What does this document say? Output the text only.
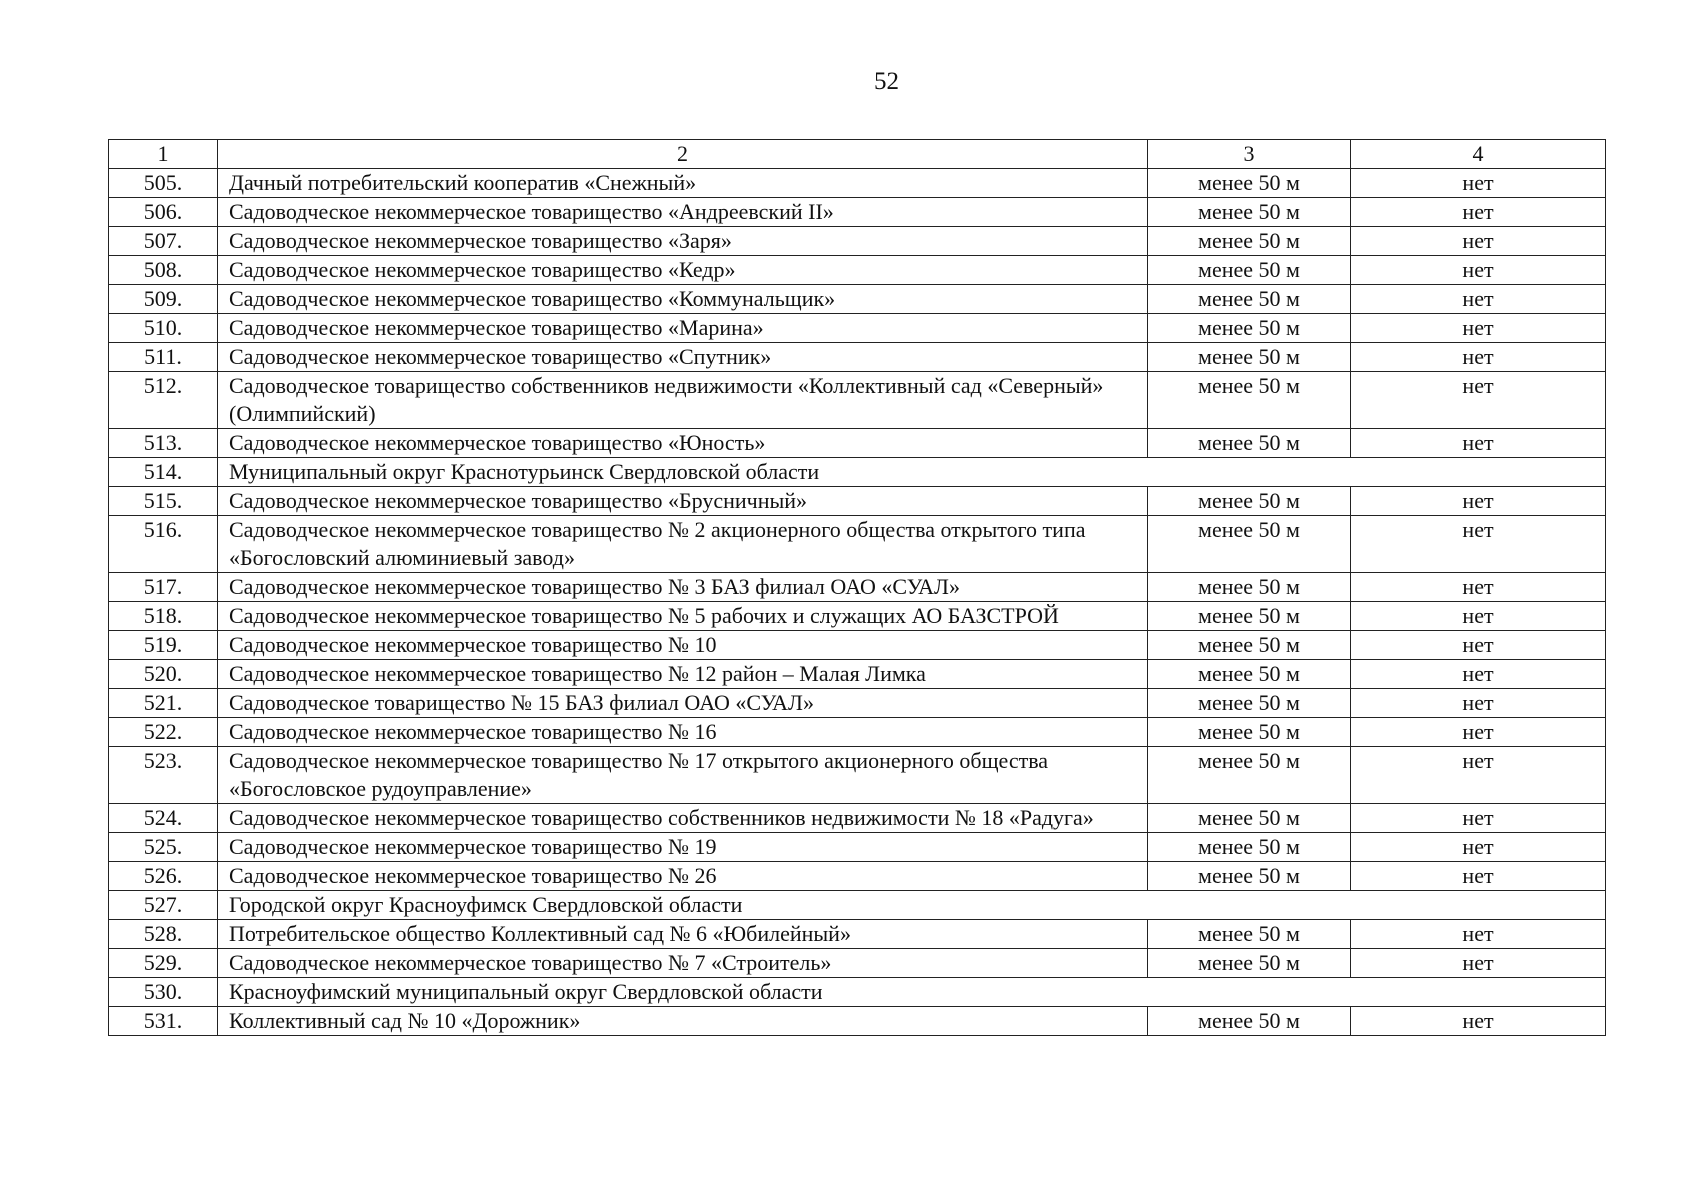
52
1	2	3	4
505.	Дачный потребительский кооператив «Снежный»	менее 50 м	нет
506.	Садоводческое некоммерческое товарищество «Андреевский II»	менее 50 м	нет
507.	Садоводческое некоммерческое товарищество «Заря»	менее 50 м	нет
508.	Садоводческое некоммерческое товарищество «Кедр»	менее 50 м	нет
509.	Садоводческое некоммерческое товарищество «Коммунальщик»	менее 50 м	нет
510.	Садоводческое некоммерческое товарищество «Марина»	менее 50 м	нет
511.	Садоводческое некоммерческое товарищество «Спутник»	менее 50 м	нет
512.	Садоводческое товарищество собственников недвижимости «Коллективный сад «Северный» (Олимпийский)	менее 50 м	нет
513.	Садоводческое некоммерческое товарищество «Юность»	менее 50 м	нет
514.	Муниципальный округ Краснотурьинск Свердловской области		
515.	Садоводческое некоммерческое товарищество «Брусничный»	менее 50 м	нет
516.	Садоводческое некоммерческое товарищество № 2 акционерного общества открытого типа «Богословский алюминиевый завод»	менее 50 м	нет
517.	Садоводческое некоммерческое товарищество № 3 БАЗ филиал ОАО «СУАЛ»	менее 50 м	нет
518.	Садоводческое некоммерческое товарищество № 5 рабочих и служащих АО БАЗСТРОЙ	менее 50 м	нет
519.	Садоводческое некоммерческое товарищество № 10	менее 50 м	нет
520.	Садоводческое некоммерческое товарищество № 12 район – Малая Лимка	менее 50 м	нет
521.	Садоводческое товарищество № 15 БАЗ филиал ОАО «СУАЛ»	менее 50 м	нет
522.	Садоводческое некоммерческое товарищество № 16	менее 50 м	нет
523.	Садоводческое некоммерческое товарищество № 17 открытого акционерного общества «Богословское рудоуправление»	менее 50 м	нет
524.	Садоводческое некоммерческое товарищество собственников недвижимости № 18 «Радуга»	менее 50 м	нет
525.	Садоводческое некоммерческое товарищество № 19	менее 50 м	нет
526.	Садоводческое некоммерческое товарищество № 26	менее 50 м	нет
527.	Городской округ Красноуфимск Свердловской области		
528.	Потребительское общество Коллективный сад № 6 «Юбилейный»	менее 50 м	нет
529.	Садоводческое некоммерческое товарищество № 7 «Строитель»	менее 50 м	нет
530.	Красноуфимский муниципальный округ Свердловской области		
531.	Коллективный сад № 10 «Дорожник»	менее 50 м	нет
